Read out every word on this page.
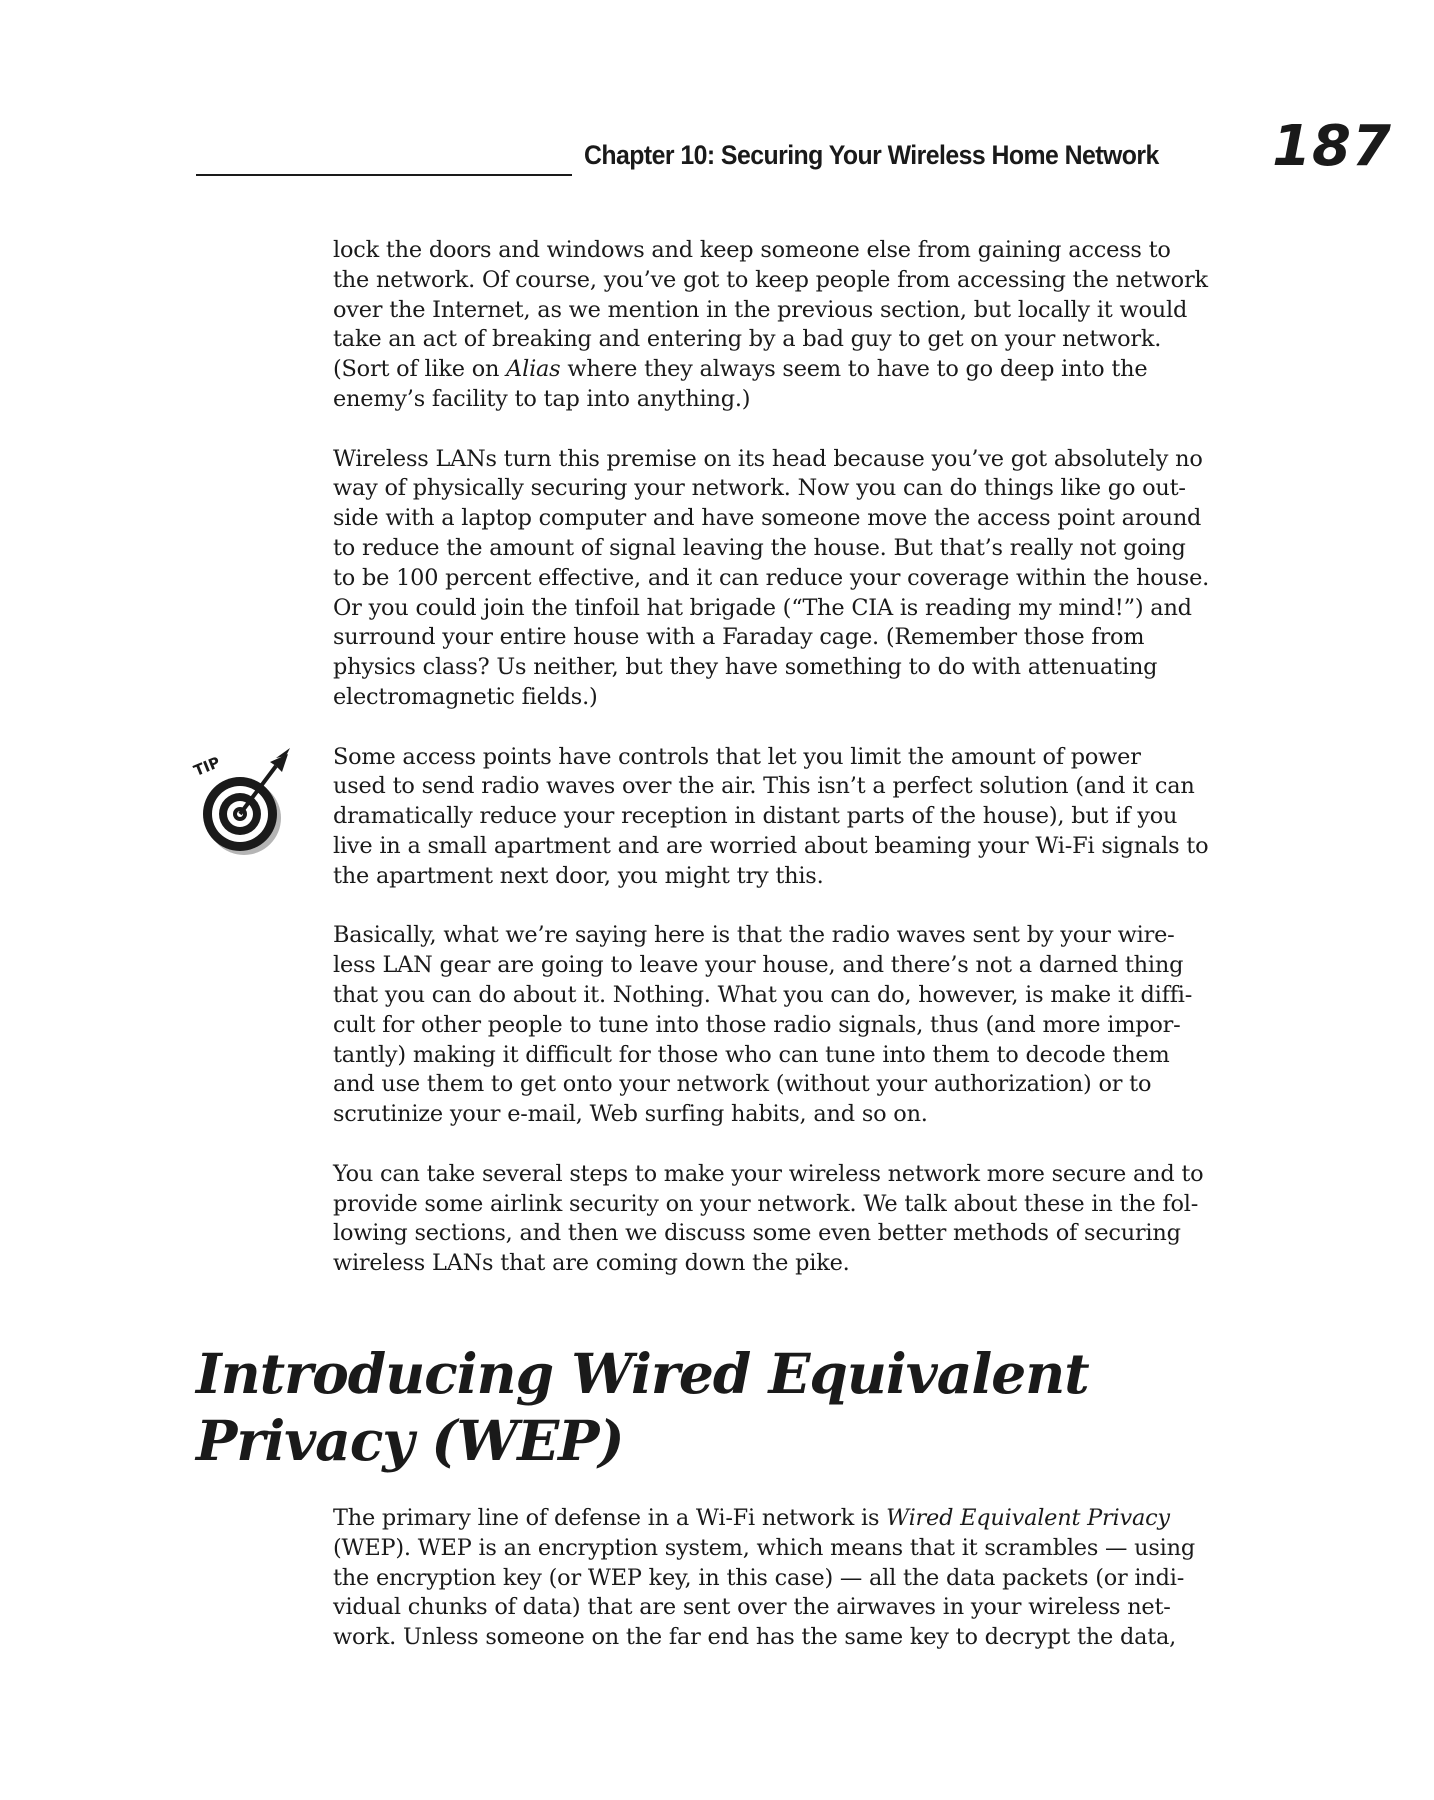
Chapter 10: Securing Your Wireless Home Network 187

lock the doors and windows and keep someone else from gaining access to
the network. Of course, you’ve got to keep people from accessing the network
over the Internet, as we mention in the previous section, but locally it would
take an act of breaking and entering by a bad guy to get on your network.
(Sort of like on Alias where they always seem to have to go deep into the
enemy’s facility to tap into anything.)

Wireless LANs turn this premise on its head because you’ve got absolutely no
way of physically securing your network. Now you can do things like go out-
side with a laptop computer and have someone move the access point around
to reduce the amount of signal leaving the house. But that’s really not going
to be 100 percent effective, and it can reduce your coverage within the house.
Or you could join the tinfoil hat brigade (“The CIA is reading my mind!”) and
surround your entire house with a Faraday cage. (Remember those from
physics class? Us neither, but they have something to do with attenuating
electromagnetic fields.)

Some access points have controls that let you limit the amount of power
used to send radio waves over the air. This isn’t a perfect solution (and it can
dramatically reduce your reception in distant parts of the house), but if you
live in a small apartment and are worried about beaming your Wi-Fi signals to
the apartment next door, you might try this.

Basically, what we’re saying here is that the radio waves sent by your wire-
less LAN gear are going to leave your house, and there’s not a darned thing
that you can do about it. Nothing. What you can do, however, is make it diffi-
cult for other people to tune into those radio signals, thus (and more impor-
tantly) making it difficult for those who can tune into them to decode them
and use them to get onto your network (without your authorization) or to
scrutinize your e-mail, Web surfing habits, and so on.

You can take several steps to make your wireless network more secure and to
provide some airlink security on your network. We talk about these in the fol-
lowing sections, and then we discuss some even better methods of securing
wireless LANs that are coming down the pike.

TIP
Introducing Wired Equivalent
Privacy (WEP)

The primary line of defense in a Wi-Fi network is Wired Equivalent Privacy
(WEP). WEP is an encryption system, which means that it scrambles — using
the encryption key (or WEP key, in this case) — all the data packets (or indi-
vidual chunks of data) that are sent over the airwaves in your wireless net-
work. Unless someone on the far end has the same key to decrypt the data,
